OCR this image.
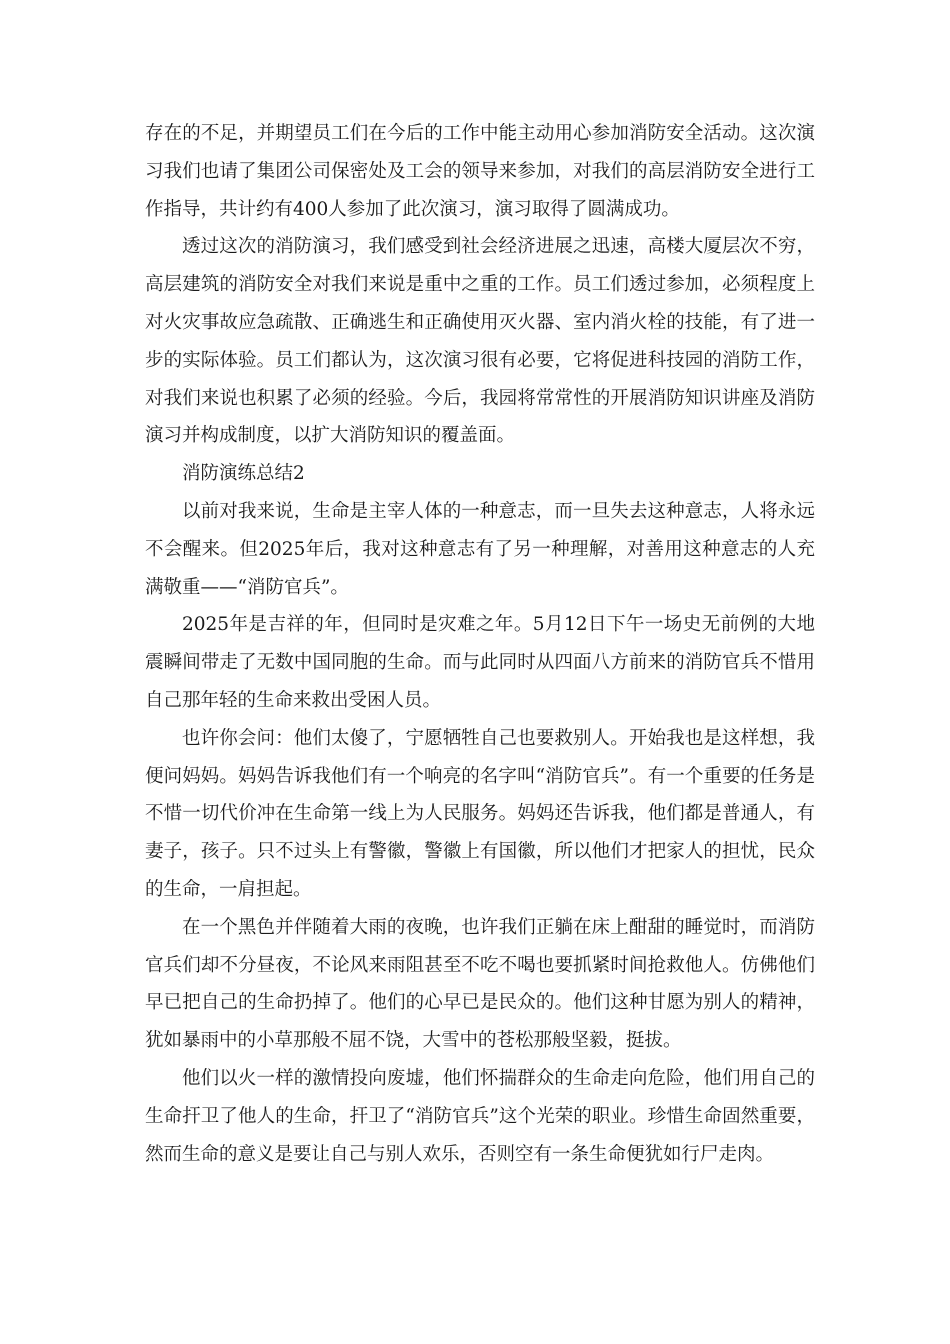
存在的不足，并期望员工们在今后的工作中能主动用心参加消防安全活动。这次演习我们也请了集团公司保密处及工会的领导来参加，对我们的高层消防安全进行工作指导，共计约有400人参加了此次演习，演习取得了圆满成功。

透过这次的消防演习，我们感受到社会经济进展之迅速，高楼大厦层次不穷，高层建筑的消防安全对我们来说是重中之重的工作。员工们透过参加，必须程度上对火灾事故应急疏散、正确逃生和正确使用灭火器、室内消火栓的技能，有了进一步的实际体验。员工们都认为，这次演习很有必要，它将促进科技园的消防工作，对我们来说也积累了必须的经验。今后，我园将常常性的开展消防知识讲座及消防演习并构成制度，以扩大消防知识的覆盖面。

消防演练总结2

以前对我来说，生命是主宰人体的一种意志，而一旦失去这种意志，人将永远不会醒来。但2025年后，我对这种意志有了另一种理解，对善用这种意志的人充满敬重——“消防官兵”。

2025年是吉祥的年，但同时是灾难之年。5月12日下午一场史无前例的大地震瞬间带走了无数中国同胞的生命。而与此同时从四面八方前来的消防官兵不惜用自己那年轻的生命来救出受困人员。

也许你会问：他们太傻了，宁愿牺牲自己也要救别人。开始我也是这样想，我便问妈妈。妈妈告诉我他们有一个响亮的名字叫“消防官兵”。有一个重要的任务是不惜一切代价冲在生命第一线上为人民服务。妈妈还告诉我，他们都是普通人，有妻子，孩子。只不过头上有警徽，警徽上有国徽，所以他们才把家人的担忧，民众的生命，一肩担起。

在一个黑色并伴随着大雨的夜晚，也许我们正躺在床上酣甜的睡觉时，而消防官兵们却不分昼夜，不论风来雨阻甚至不吃不喝也要抓紧时间抢救他人。仿佛他们早已把自己的生命扔掉了。他们的心早已是民众的。他们这种甘愿为别人的精神，犹如暴雨中的小草那般不屈不饶，大雪中的苍松那般坚毅，挺拔。

他们以火一样的激情投向废墟，他们怀揣群众的生命走向危险，他们用自己的生命扞卫了他人的生命，扞卫了“消防官兵”这个光荣的职业。珍惜生命固然重要，然而生命的意义是要让自己与别人欢乐，否则空有一条生命便犹如行尸走肉。
